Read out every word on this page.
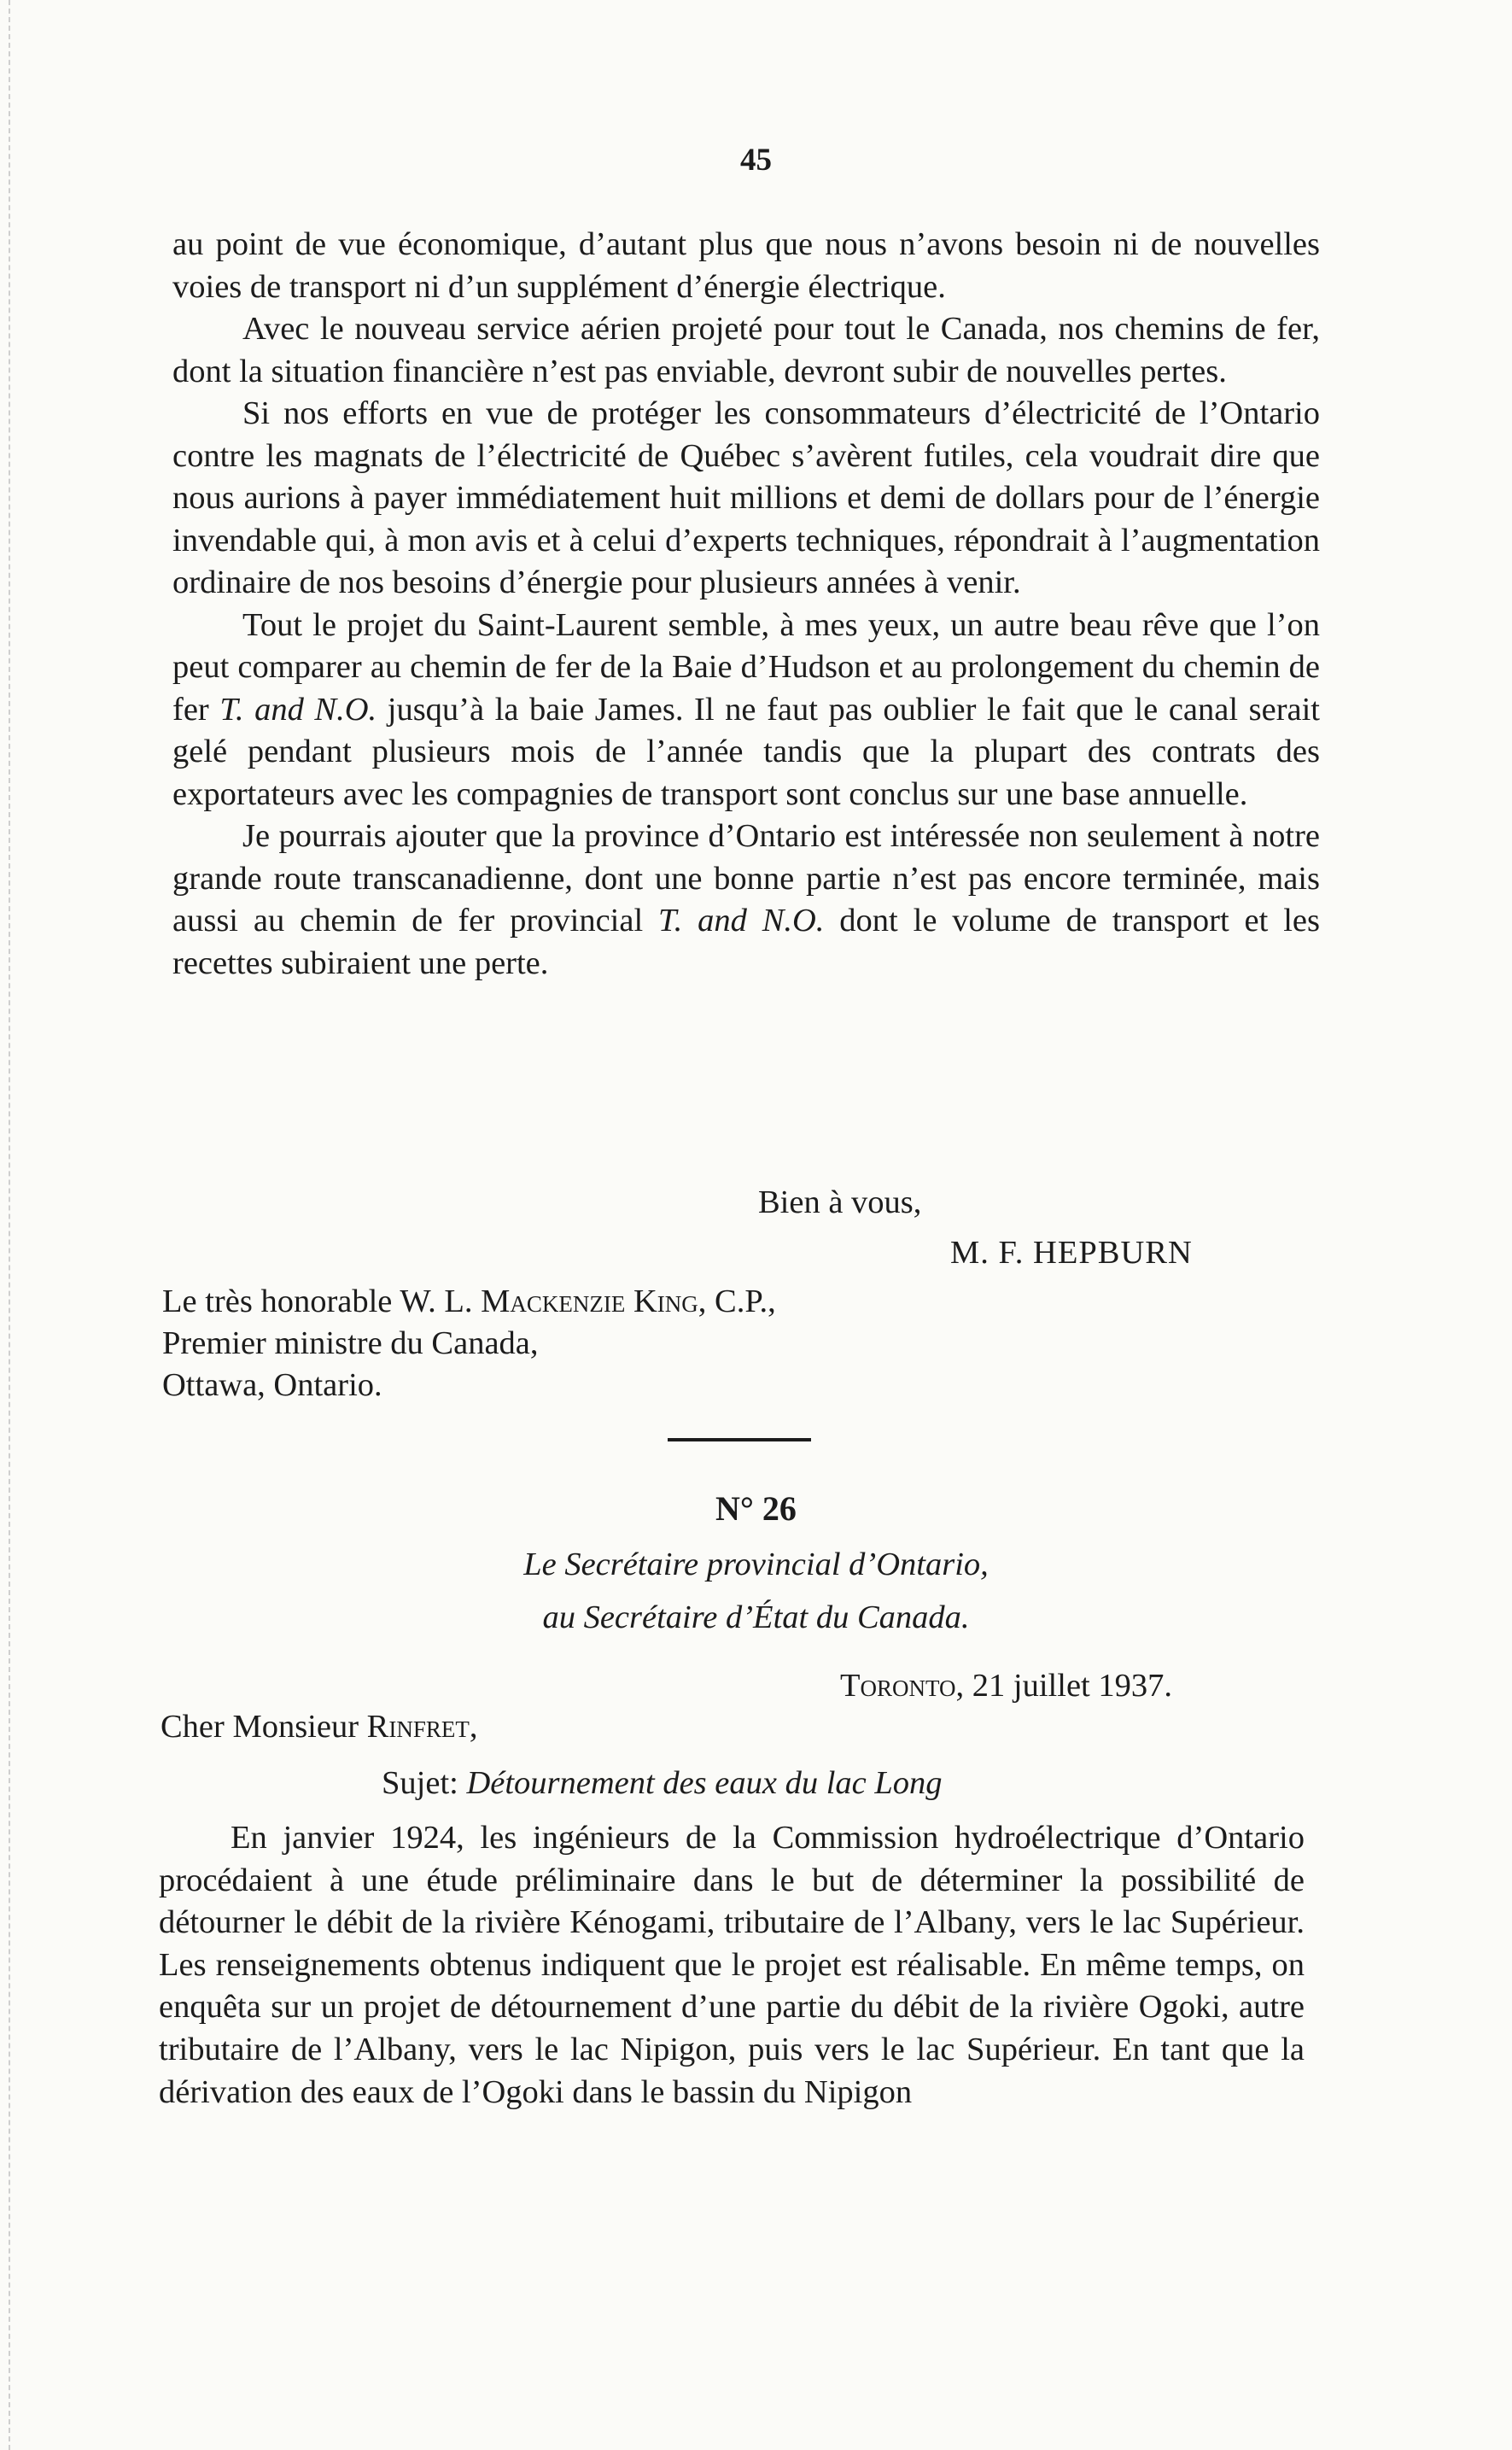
45

au point de vue économique, d’autant plus que nous n’avons besoin ni de nouvelles voies de transport ni d’un supplément d’énergie électrique.

Avec le nouveau service aérien projeté pour tout le Canada, nos chemins de fer, dont la situation financière n’est pas enviable, devront subir de nouvelles pertes.

Si nos efforts en vue de protéger les consommateurs d’électricité de l’Ontario contre les magnats de l’électricité de Québec s’avèrent futiles, cela voudrait dire que nous aurions à payer immédiatement huit millions et demi de dollars pour de l’énergie invendable qui, à mon avis et à celui d’experts techniques, répondrait à l’augmentation ordinaire de nos besoins d’énergie pour plusieurs années à venir.

Tout le projet du Saint-Laurent semble, à mes yeux, un autre beau rêve que l’on peut comparer au chemin de fer de la Baie d’Hudson et au prolongement du chemin de fer T. and N.O. jusqu’à la baie James. Il ne faut pas oublier le fait que le canal serait gelé pendant plusieurs mois de l’année tandis que la plupart des contrats des exportateurs avec les compagnies de transport sont conclus sur une base annuelle.

Je pourrais ajouter que la province d’Ontario est intéressée non seulement à notre grande route transcanadienne, dont une bonne partie n’est pas encore terminée, mais aussi au chemin de fer provincial T. and N.O. dont le volume de transport et les recettes subiraient une perte.

Bien à vous,
M. F. HEPBURN
Le très honorable W. L. Mackenzie King, C.P.,
Premier ministre du Canada,
Ottawa, Ontario.
N° 26
Le Secrétaire provincial d’Ontario,
au Secrétaire d’État du Canada.
Toronto, 21 juillet 1937.
Cher Monsieur Rinfret,
Sujet: Détournement des eaux du lac Long

En janvier 1924, les ingénieurs de la Commission hydroélectrique d’Ontario procédaient à une étude préliminaire dans le but de déterminer la possibilité de détourner le débit de la rivière Kénogami, tributaire de l’Albany, vers le lac Supérieur. Les renseignements obtenus indiquent que le projet est réalisable. En même temps, on enquêta sur un projet de détournement d’une partie du débit de la rivière Ogoki, autre tributaire de l’Albany, vers le lac Nipigon, puis vers le lac Supérieur. En tant que la dérivation des eaux de l’Ogoki dans le bassin du Nipigon
